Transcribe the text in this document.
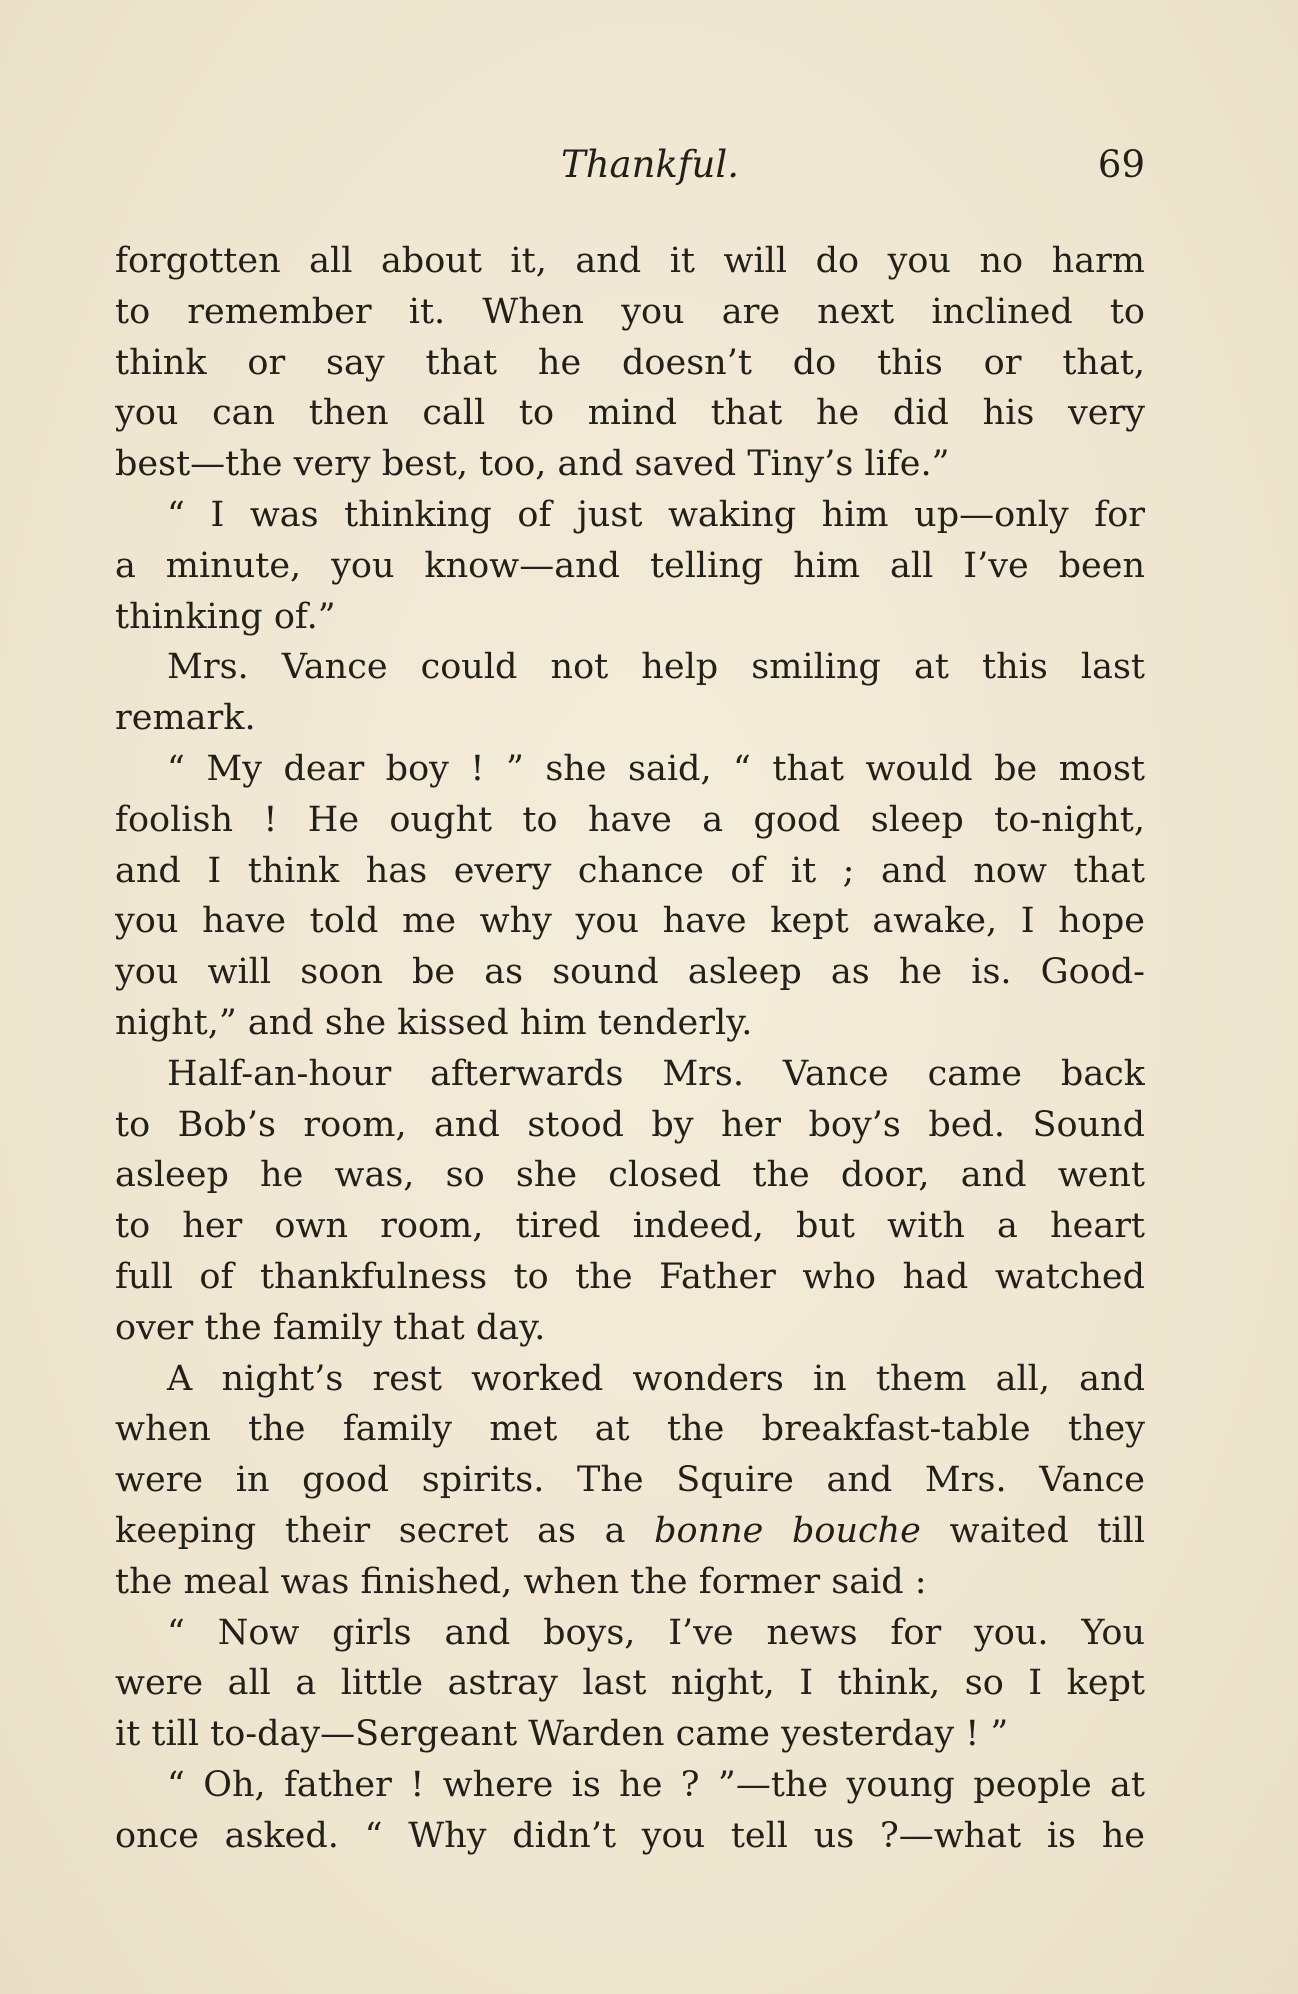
Thankful.	69
forgotten all about it, and it will do you no harm
to remember it. When you are next inclined to
think or say that he doesn’t do this or that,
you can then call to mind that he did his very
best—the very best, too, and saved Tiny’s life.”
“ I was thinking of just waking him up—only for
a minute, you know—and telling him all I’ve been
thinking of.”
Mrs. Vance could not help smiling at this last
remark.
“ My dear boy ! ” she said, “ that would be most
foolish ! He ought to have a good sleep to-night,
and I think has every chance of it ; and now that
you have told me why you have kept awake, I hope
you will soon be as sound asleep as he is. Good-
night,” and she kissed him tenderly.
Half-an-hour afterwards Mrs. Vance came back
to Bob’s room, and stood by her boy’s bed. Sound
asleep he was, so she closed the door, and went
to her own room, tired indeed, but with a heart
full of thankfulness to the Father who had watched
over the family that day.
A night’s rest worked wonders in them all, and
when the family met at the breakfast-table they
were in good spirits. The Squire and Mrs. Vance
keeping their secret as a bonne bouche waited till
the meal was finished, when the former said :
“ Now girls and boys, I’ve news for you. You
were all a little astray last night, I think, so I kept
it till to-day—Sergeant Warden came yesterday ! ”
“ Oh, father ! where is he ? ”—the young people at
once asked. “ Why didn’t you tell us ?—what is he
